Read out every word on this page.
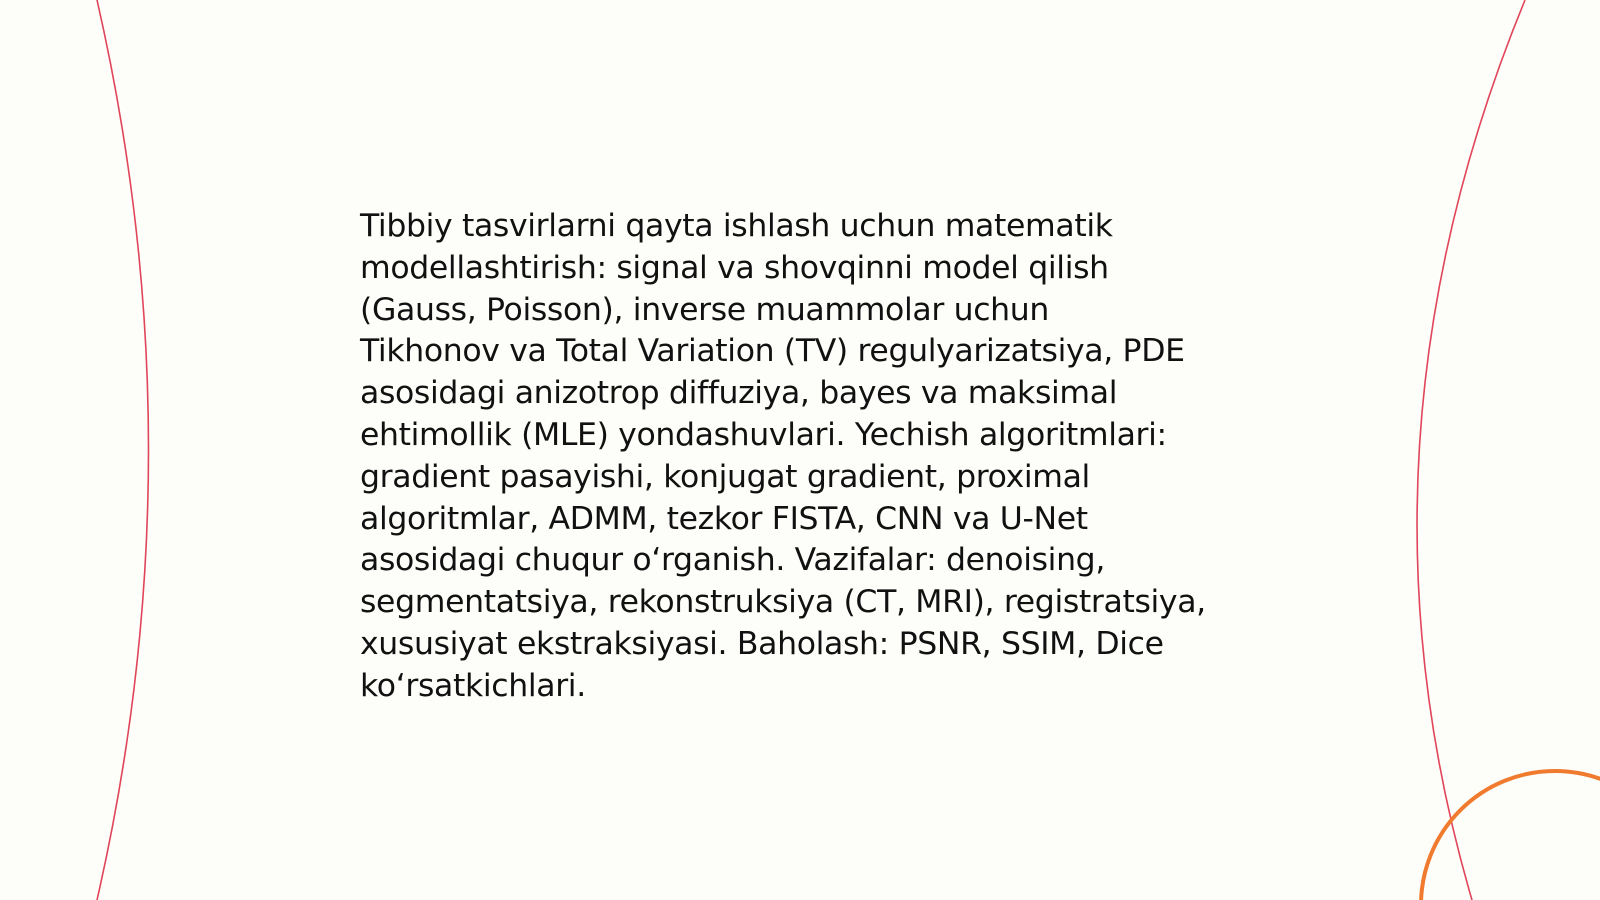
Tibbiy tasvirlarni qayta ishlash uchun matematik
modellashtirish: signal va shovqinni model qilish
(Gauss, Poisson), inverse muammolar uchun
Tikhonov va Total Variation (TV) regulyarizatsiya, PDE
asosidagi anizotrop diffuziya, bayes va maksimal
ehtimollik (MLE) yondashuvlari. Yechish algoritmlari:
gradient pasayishi, konjugat gradient, proximal
algoritmlar, ADMM, tezkor FISTA, CNN va U-Net
asosidagi chuqur oʻrganish. Vazifalar: denoising,
segmentatsiya, rekonstruksiya (CT, MRI), registratsiya,
xususiyat ekstraksiyasi. Baholash: PSNR, SSIM, Dice
koʻrsatkichlari.
